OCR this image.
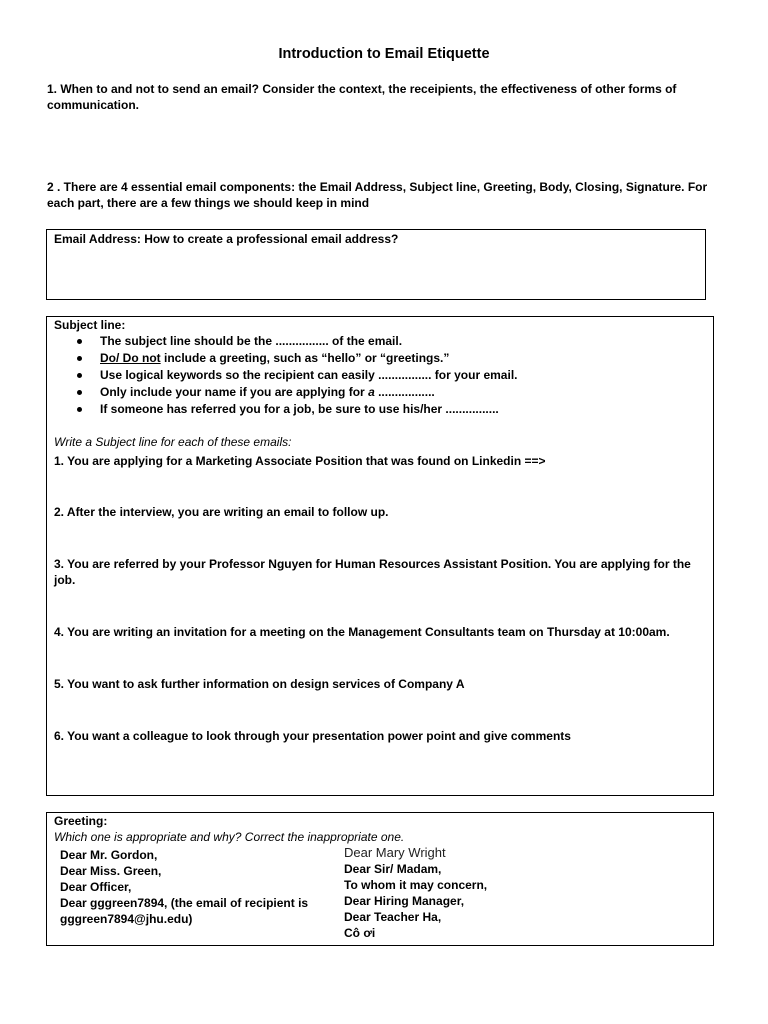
Introduction to Email Etiquette
1. When to and not to send an email? Consider the context, the receipients, the effectiveness of other forms of communication.
2 . There are 4 essential email components: the Email Address, Subject line, Greeting, Body, Closing, Signature. For each part, there are a few things we should keep in mind
Email Address: How to create a professional email address?
Subject line:
The subject line should be the ................ of the email.
Do/ Do not include a greeting, such as “hello” or “greetings.”
Use logical keywords so the recipient can easily ................ for your email.
Only include your name if you are applying for a .................
If someone has referred you for a job, be sure to use his/her ................
Write a Subject line for each of these emails:
1. You are applying for a Marketing Associate Position that was found on Linkedin ==>
2. After the interview, you are writing an email to follow up.
3. You are referred by your Professor Nguyen for Human Resources Assistant Position. You are applying for the job.
4. You are writing an invitation for a meeting on the Management Consultants team on Thursday at 10:00am.
5. You want to ask further information on design services of Company A
6. You want a colleague to look through your presentation power point and give comments
Greeting:
Which one is appropriate and why? Correct the inappropriate one.
Dear Mr. Gordon,
Dear Miss. Green,
Dear Officer,
Dear gggreen7894, (the email of recipient is
gggreen7894@jhu.edu)
Dear Mary Wright
Dear Sir/ Madam,
To whom it may concern,
Dear Hiring Manager,
Dear Teacher Ha,
Cô ơi
